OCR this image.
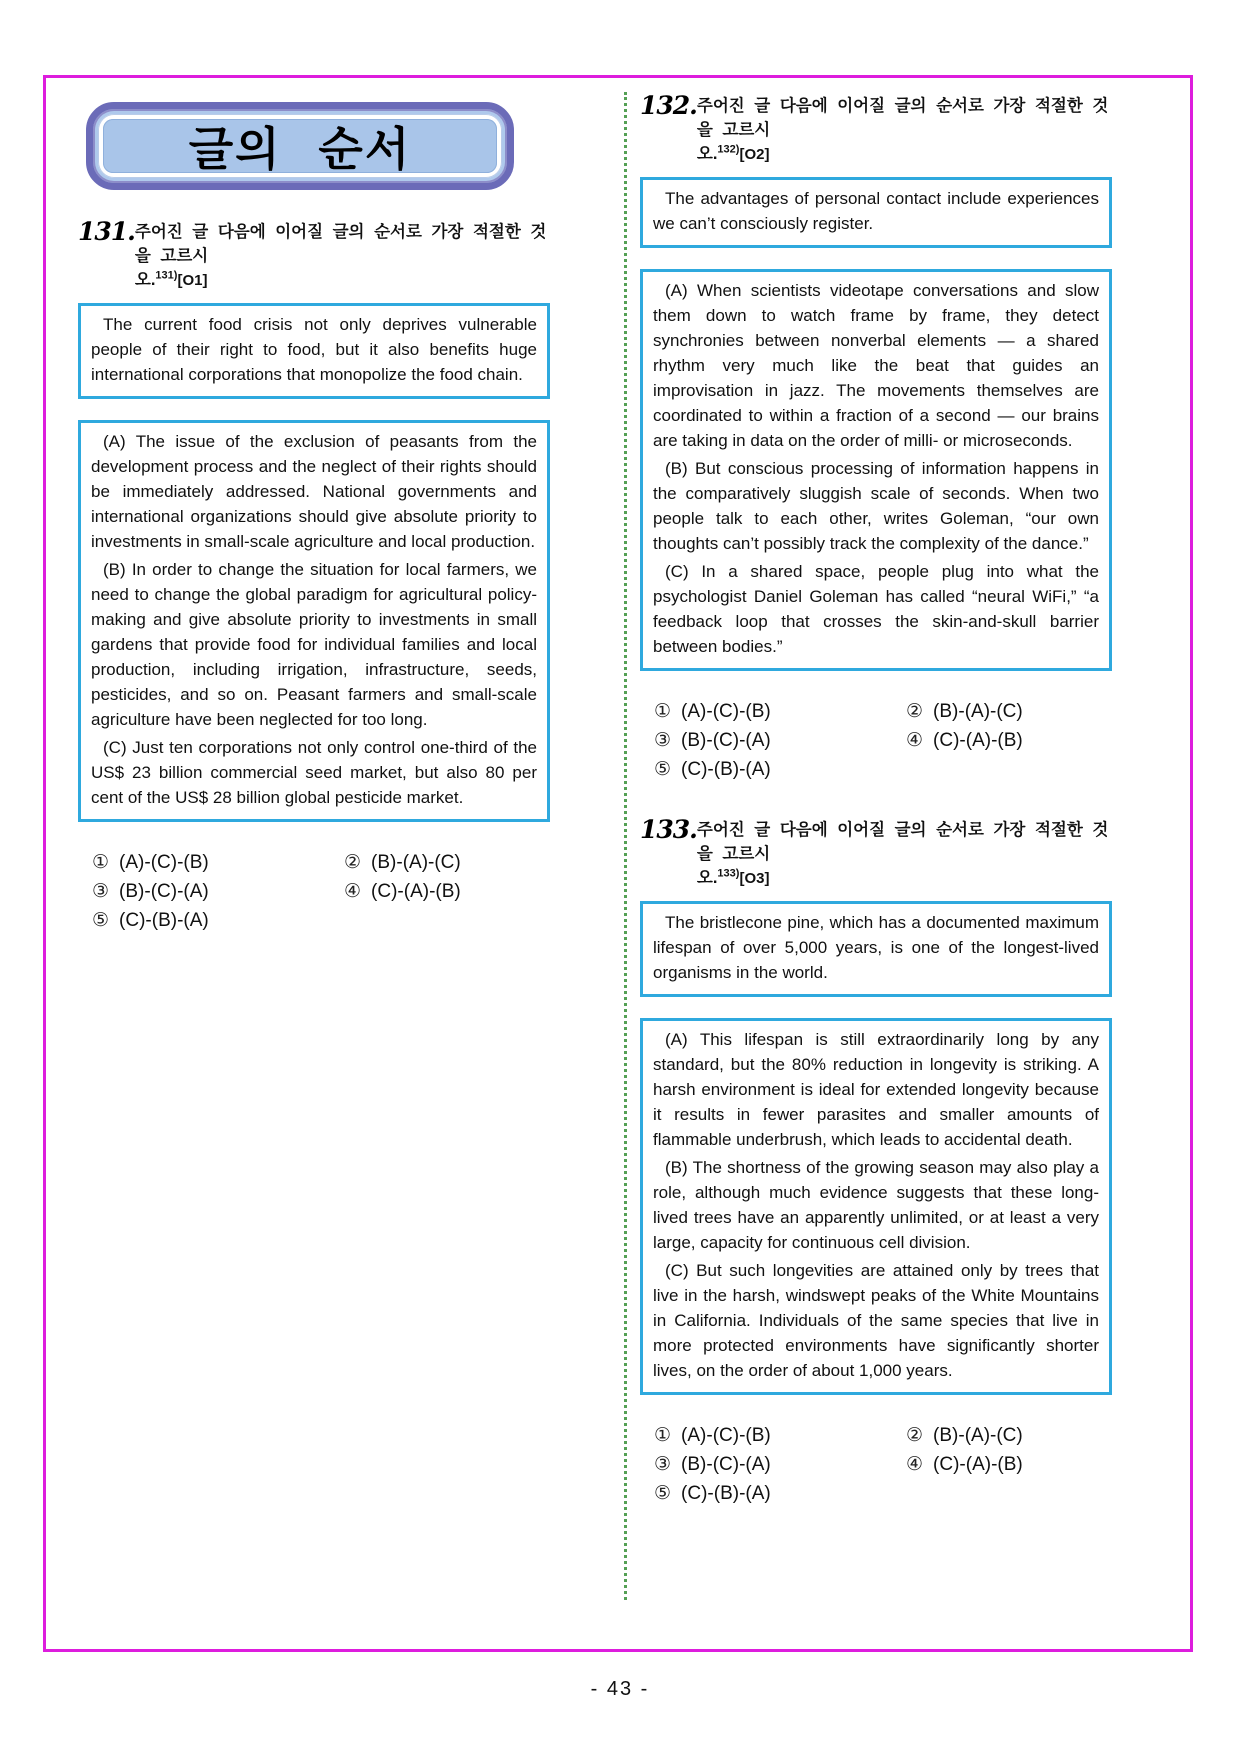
글의 순서
131. 주어진 글 다음에 이어질 글의 순서로 가장 적절한 것을 고르시
오.$^{131)}$[O1]

The current food crisis not only deprives vulnerable people of their right to food, but it also benefits huge international corporations that monopolize the food chain.

(A) The issue of the exclusion of peasants from the development process and the neglect of their rights should be immediately addressed. National governments and international organizations should give absolute priority to investments in small-scale agriculture and local production.

(B) In order to change the situation for local farmers, we need to change the global paradigm for agricultural policy-making and give absolute priority to investments in small gardens that provide food for individual families and local production, including irrigation, infrastructure, seeds, pesticides, and so on. Peasant farmers and small-scale agriculture have been neglected for too long.

(C) Just ten corporations not only control one-third of the US$ 23 billion commercial seed market, but also 80 per cent of the US$ 28 billion global pesticide market.

① (A)-(C)-(B)	② (B)-(A)-(C)
③ (B)-(C)-(A)	④ (C)-(A)-(B)
⑤ (C)-(B)-(A)
132. 주어진 글 다음에 이어질 글의 순서로 가장 적절한 것을 고르시
오.$^{132)}$[O2]

The advantages of personal contact include experiences we can’t consciously register.

(A) When scientists videotape conversations and slow them down to watch frame by frame, they detect synchronies between nonverbal elements — a shared rhythm very much like the beat that guides an improvisation in jazz. The movements themselves are coordinated to within a fraction of a second — our brains are taking in data on the order of milli- or microseconds.

(B) But conscious processing of information happens in the comparatively sluggish scale of seconds. When two people talk to each other, writes Goleman, “our own thoughts can’t possibly track the complexity of the dance.”

(C) In a shared space, people plug into what the psychologist Daniel Goleman has called “neural WiFi,” “a feedback loop that crosses the skin-and-skull barrier between bodies.”

① (A)-(C)-(B)	② (B)-(A)-(C)
③ (B)-(C)-(A)	④ (C)-(A)-(B)
⑤ (C)-(B)-(A)
133. 주어진 글 다음에 이어질 글의 순서로 가장 적절한 것을 고르시
오.$^{133)}$[O3]

The bristlecone pine, which has a documented maximum lifespan of over 5,000 years, is one of the longest-lived organisms in the world.

(A) This lifespan is still extraordinarily long by any standard, but the 80% reduction in longevity is striking. A harsh environment is ideal for extended longevity because it results in fewer parasites and smaller amounts of flammable underbrush, which leads to accidental death.

(B) The shortness of the growing season may also play a role, although much evidence suggests that these long-lived trees have an apparently unlimited, or at least a very large, capacity for continuous cell division.

(C) But such longevities are attained only by trees that live in the harsh, windswept peaks of the White Mountains in California. Individuals of the same species that live in more protected environments have significantly shorter lives, on the order of about 1,000 years.

① (A)-(C)-(B)	② (B)-(A)-(C)
③ (B)-(C)-(A)	④ (C)-(A)-(B)
⑤ (C)-(B)-(A)
- 43 -
